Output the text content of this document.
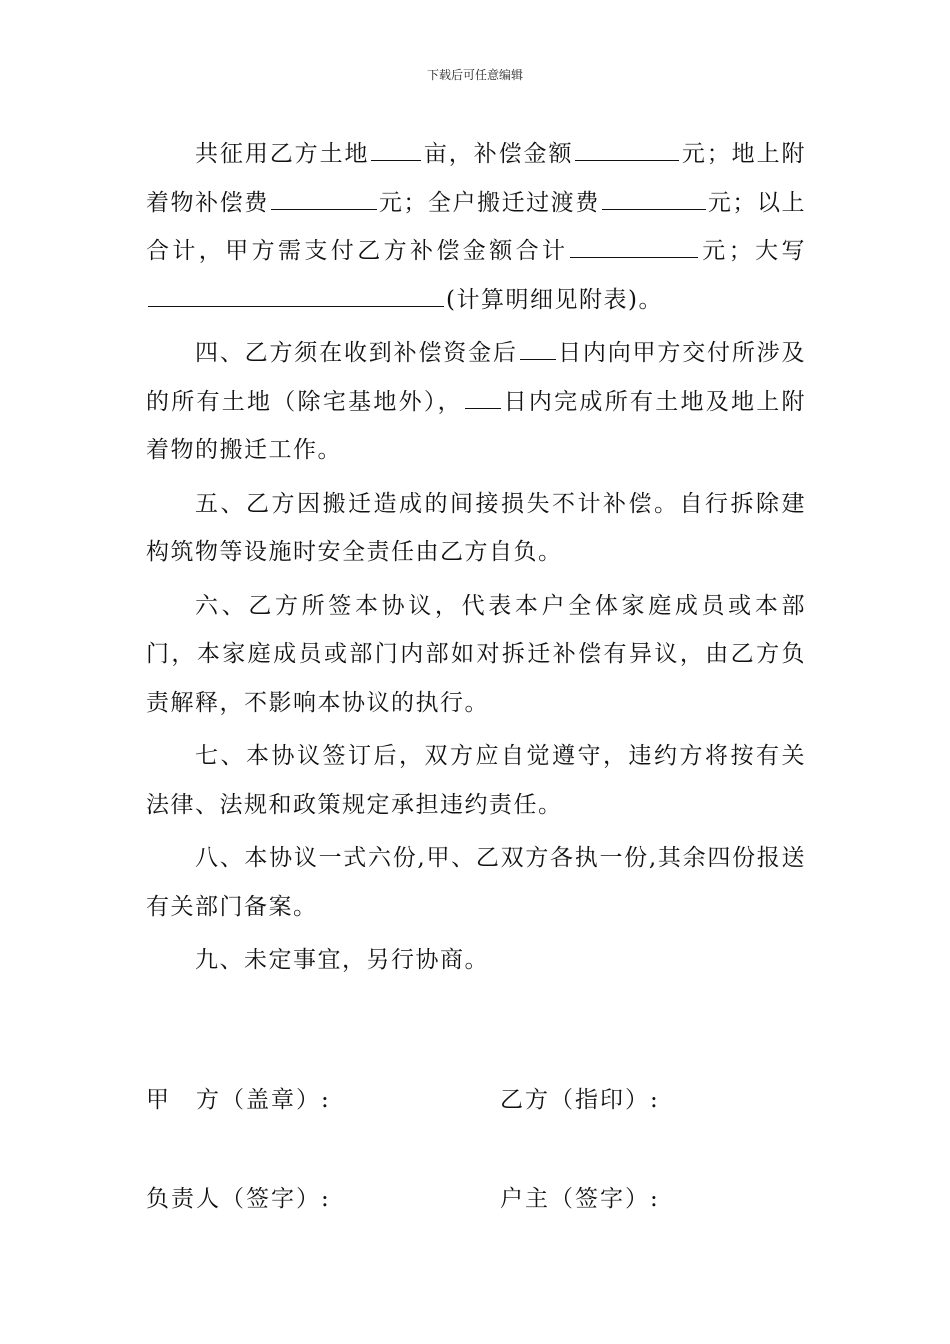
下载后可任意编辑

共征用乙方土地 亩，补偿金额	元；地上附着物补偿费	元；全户搬迁过渡费	元；以上合计，甲方需支付乙方补偿金额合计	元；大写(计算明细见附表)。

四、乙方须在收到补偿资金后 日内向甲方交付所涉及的所有土地（除宅基地外）， 日内完成所有土地及地上附着物的搬迁工作。

五、乙方因搬迁造成的间接损失不计补偿。自行拆除建构筑物等设施时安全责任由乙方自负。

六、乙方所签本协议，代表本户全体家庭成员或本部门，本家庭成员或部门内部如对拆迁补偿有异议，由乙方负责解释，不影响本协议的执行。

七、本协议签订后，双方应自觉遵守，违约方将按有关法律、法规和政策规定承担违约责任。

八、本协议一式六份,甲、乙双方各执一份,其余四份报送有关部门备案。

九、未定事宜，另行协商。

甲　方（盖章）:	乙方（指印）:
负责人（签字）:	户主（签字）:
